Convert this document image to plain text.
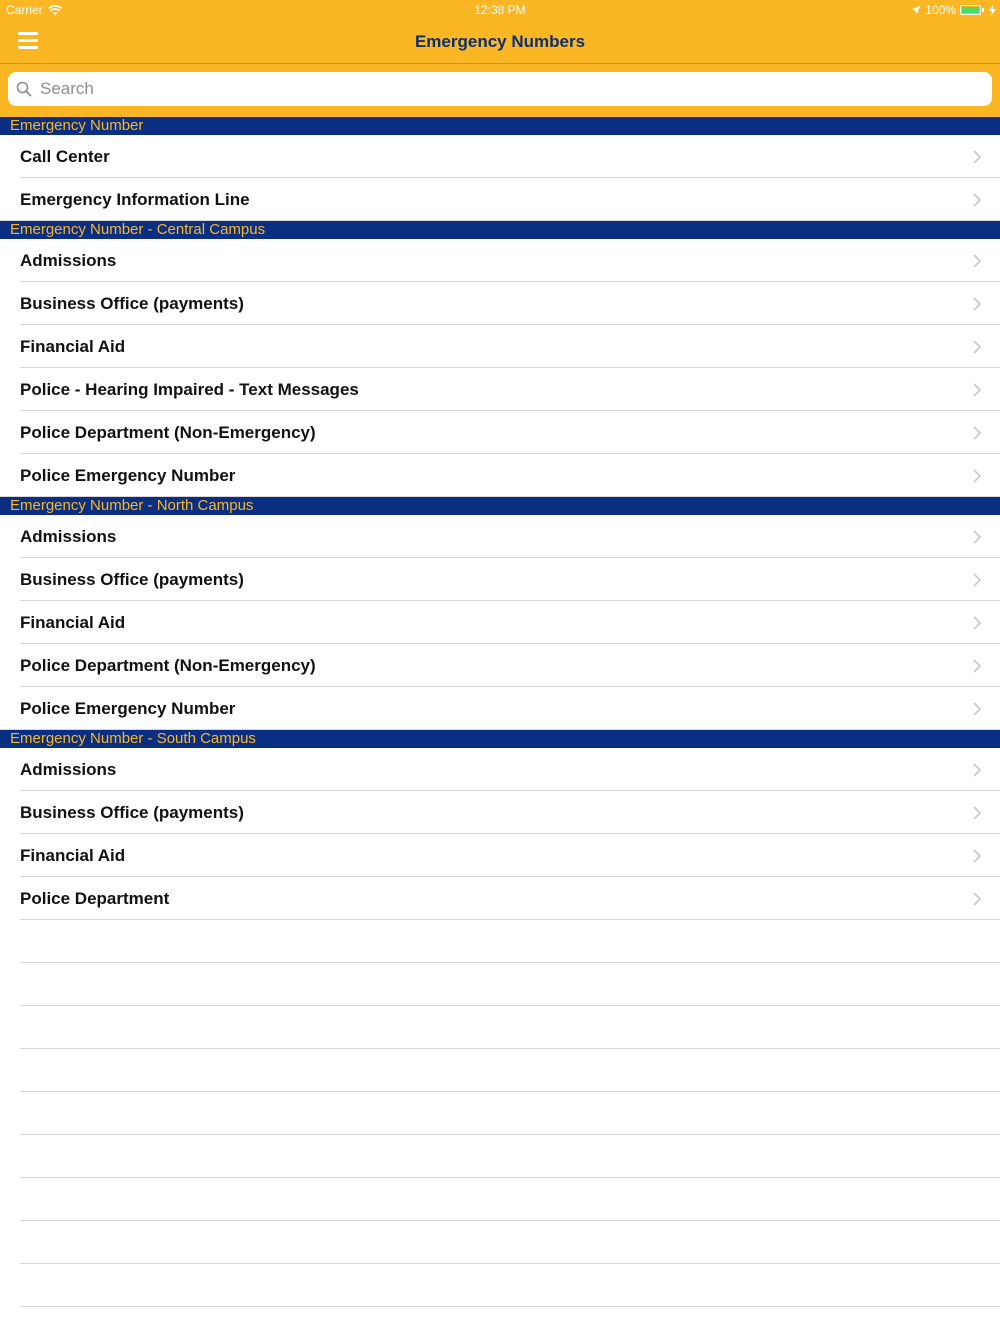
Carrier	12:38 PM	100%
Emergency Numbers
Search
Emergency Number
Call Center
Emergency Information Line
Emergency Number - Central Campus
Admissions
Business Office (payments)
Financial Aid
Police - Hearing Impaired - Text Messages
Police Department (Non-Emergency)
Police Emergency Number
Emergency Number - North Campus
Admissions
Business Office (payments)
Financial Aid
Police Department (Non-Emergency)
Police Emergency Number
Emergency Number - South Campus
Admissions
Business Office (payments)
Financial Aid
Police Department
